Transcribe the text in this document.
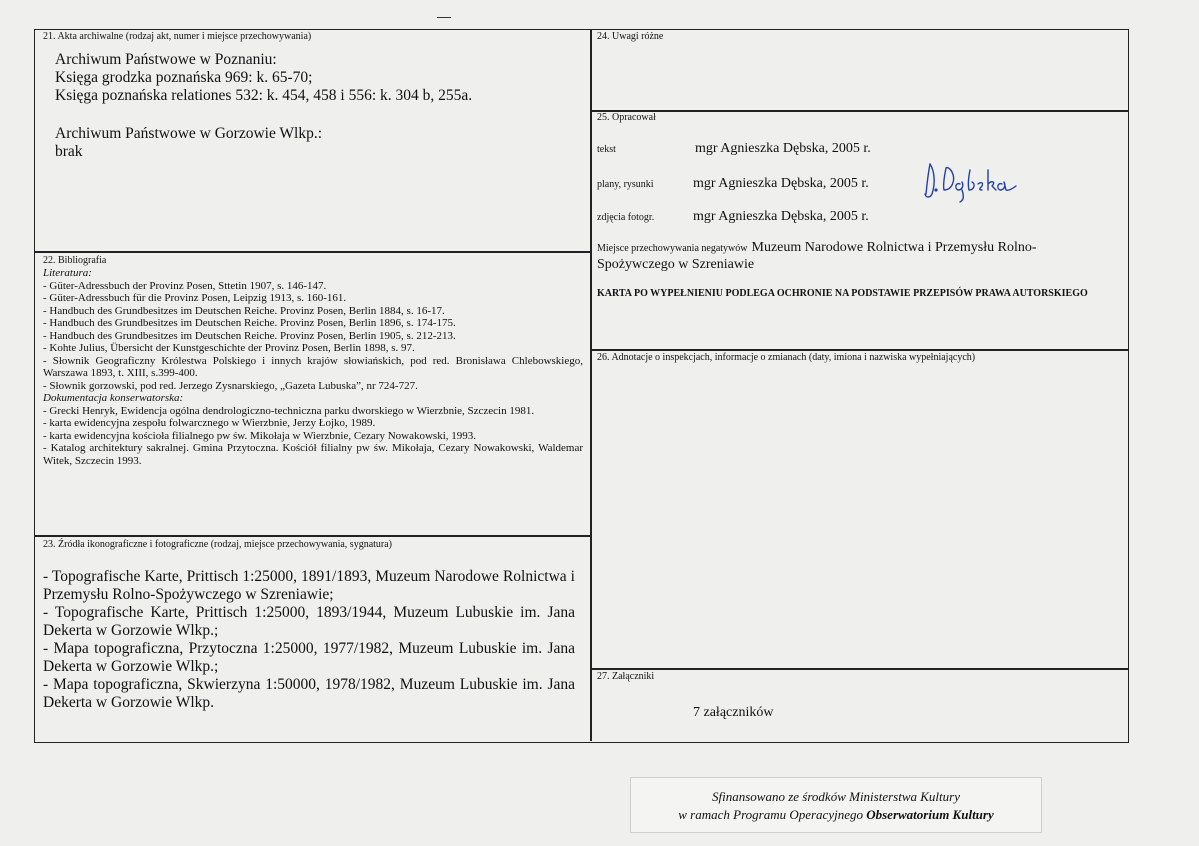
21. Akta archiwalne (rodzaj akt, numer i miejsce przechowywania)
Archiwum Państwowe w Poznaniu:
Księga grodzka poznańska 969: k. 65-70;
Księga poznańska relationes 532: k. 454, 458 i 556: k. 304 b, 255a.
Archiwum Państwowe w Gorzowie Wlkp.:
brak
22. Bibliografia
Literatura:
- Güter-Adressbuch der Provinz Posen, Sttetin 1907, s. 146-147.
- Güter-Adressbuch für die Provinz Posen, Leipzig 1913, s. 160-161.
- Handbuch des Grundbesitzes im Deutschen Reiche. Provinz Posen, Berlin 1884, s. 16-17.
- Handbuch des Grundbesitzes im Deutschen Reiche. Provinz Posen, Berlin 1896, s. 174-175.
- Handbuch des Grundbesitzes im Deutschen Reiche. Provinz Posen, Berlin 1905, s. 212-213.
- Kohte Julius, Übersicht der Kunstgeschichte der Provinz Posen, Berlin 1898, s. 97.
- Słownik Geograficzny Królestwa Polskiego i innych krajów słowiańskich, pod red. Bronisława Chlebowskiego, Warszawa 1893, t. XIII, s.399-400.
- Słownik gorzowski, pod red. Jerzego Zysnarskiego, „Gazeta Lubuska”, nr 724-727.
Dokumentacja konserwatorska:
- Grecki Henryk, Ewidencja ogólna dendrologiczno-techniczna parku dworskiego w Wierzbnie, Szczecin 1981.
- karta ewidencyjna zespołu folwarcznego w Wierzbnie, Jerzy Łojko, 1989.
- karta ewidencyjna kościoła filialnego pw św. Mikołaja w Wierzbnie, Cezary Nowakowski, 1993.
- Katalog architektury sakralnej. Gmina Przytoczna. Kościół filialny pw św. Mikołaja, Cezary Nowakowski, Waldemar Witek, Szczecin 1993.
23. Źródła ikonograficzne i fotograficzne (rodzaj, miejsce przechowywania, sygnatura)
- Topografische Karte, Prittisch 1:25000, 1891/1893, Muzeum Narodowe Rolnictwa i Przemysłu Rolno-Spożywczego w Szreniawie;
- Topografische Karte, Prittisch 1:25000, 1893/1944, Muzeum Lubuskie im. Jana Dekerta w Gorzowie Wlkp.;
- Mapa topograficzna, Przytoczna 1:25000, 1977/1982, Muzeum Lubuskie im. Jana Dekerta w Gorzowie Wlkp.;
- Mapa topograficzna, Skwierzyna 1:50000, 1978/1982, Muzeum Lubuskie im. Jana Dekerta w Gorzowie Wlkp.
24. Uwagi różne
25. Opracował
tekst	mgr Agnieszka Dębska, 2005 r.
plany, rysunki	mgr Agnieszka Dębska, 2005 r.
zdjęcia fotogr.	mgr Agnieszka Dębska, 2005 r.
Miejsce przechowywania negatywów Muzeum Narodowe Rolnictwa i Przemysłu Rolno-
Spożywczego w Szreniawie
KARTA PO WYPEŁNIENIU PODLEGA OCHRONIE NA PODSTAWIE PRZEPISÓW PRAWA AUTORSKIEGO
26. Adnotacje o inspekcjach, informacje o zmianach (daty, imiona i nazwiska wypełniających)
27. Załączniki
7 załączników
Sfinansowano ze środków Ministerstwa Kultury
w ramach Programu Operacyjnego Obserwatorium Kultury
